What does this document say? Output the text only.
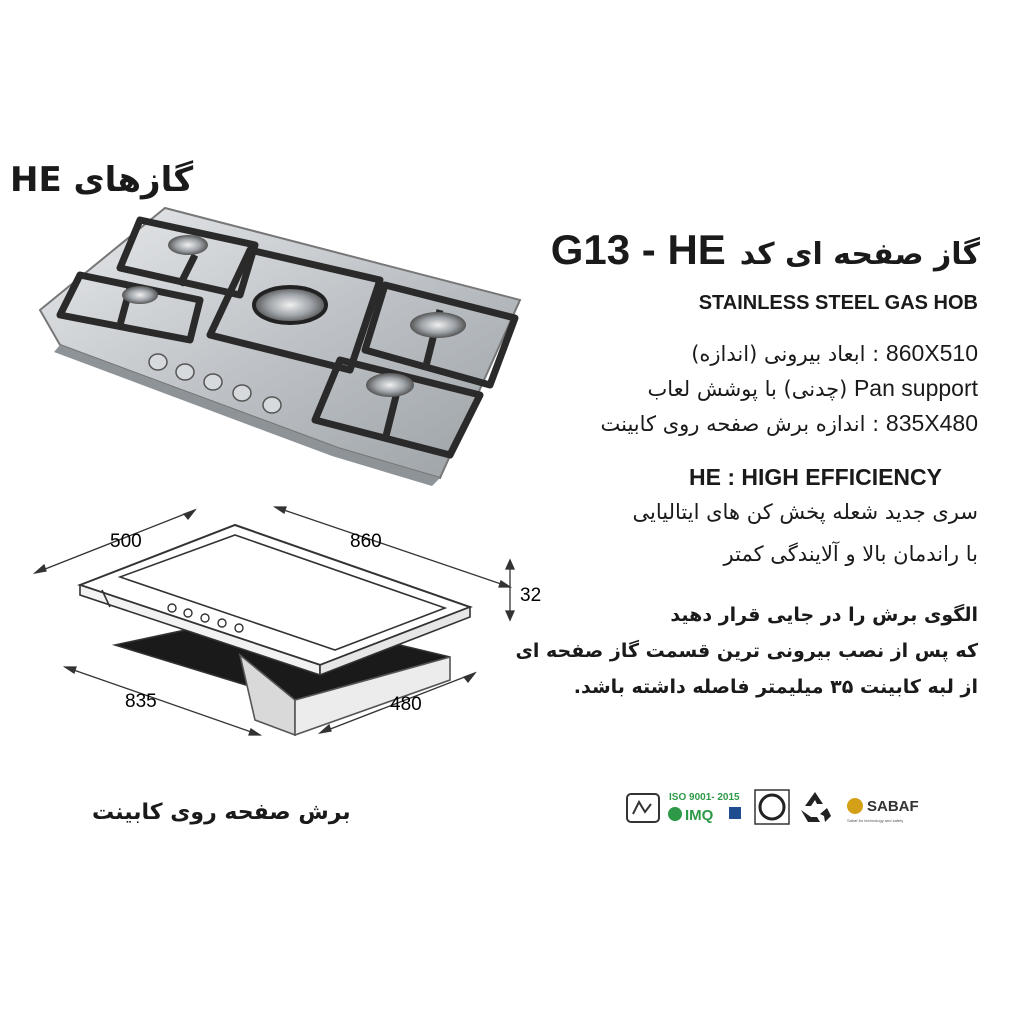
گازهای HE
گاز صفحه ای کد G13 - HE
STAINLESS STEEL GAS HOB
860X510 : ابعاد بیرونی (اندازه)
Pan support (چدنی) با پوشش لعاب
835X480 : اندازه برش صفحه روی کابینت
HE : HIGH EFFICIENCY
سری جدید شعله پخش کن های ایتالیایی
با راندمان بالا و آلایندگی کمتر
الگوی برش را در جایی قرار دهید
که پس از نصب بیرونی ترین قسمت گاز صفحه ای
از لبه کابینت ۳۵ میلیمتر فاصله داشته باشد.
500	860
32
835	480
برش صفحه روی کابینت
ISO 9001- 2015
IMQ
SABAF
Sabaf for technology and safety
